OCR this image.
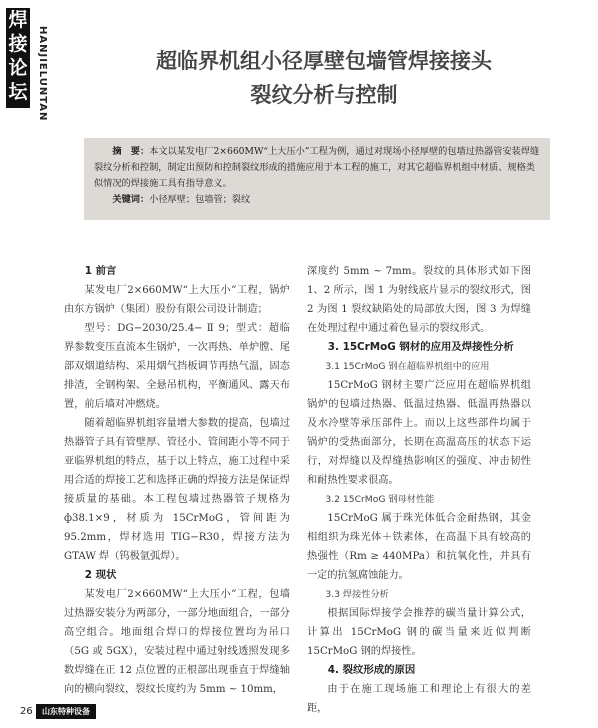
焊
接
论
坛 HANJIELUNTAN	超临界机组小径厚壁包墙管焊接接头
裂纹分析与控制
摘　要：本文以某发电厂2×660MW“上大压小”工程为例，通过对现场小径厚壁的包墙过热器管安装焊缝裂纹分析和控制，制定出预防和控制裂纹形成的措施应用于本工程的施工，对其它超临界机组中材质、规格类似情况的焊接施工具有指导意义。
关键词：小径厚壁；包墙管；裂纹
1 前言

某发电厂2×660MW“上大压小”工程，锅炉由东方锅炉（集团）股份有限公司设计制造；

型号：DG−2030/25.4− Ⅱ 9；型式：超临界参数变压直流本生锅炉，一次再热、单炉膛、尾部双烟道结构、采用烟气挡板调节再热气温，固态排渣，全钢构架、全悬吊机构，平衡通风、露天布置，前后墙对冲燃烧。

随着超临界机组容量增大参数的提高，包墙过热器管子具有管壁厚、管径小、管间距小等不同于亚临界机组的特点，基于以上特点，施工过程中采用合适的焊接工艺和选择正确的焊接方法是保证焊接质量的基础。本工程包墙过热器管子规格为 ф38.1×9，材质为 15CrMoG，管间距为 95.2mm，焊材选用 TIG−R30，焊接方法为 GTAW 焊（钨极氩弧焊）。

2 现状

某发电厂2×660MW“上大压小”工程，包墙过热器安装分为两部分，一部分地面组合，一部分高空组合。地面组合焊口的焊接位置均为吊口（5G 或 5GX），安装过程中通过射线透照发现多数焊缝在正 12 点位置的正根部出现垂直于焊缝轴向的横向裂纹，裂纹长度约为 5mm ~ 10mm，

深度约 5mm ~ 7mm。裂纹的具体形式如下图 1、2 所示，图 1 为射线底片显示的裂纹形式，图 2 为图 1 裂纹缺陷处的局部放大图，图 3 为焊缝在处理过程中通过着色显示的裂纹形式。

3. 15CrMoG 钢材的应用及焊接性分析
3.1 15CrMoG 钢在超临界机组中的应用

15CrMoG 钢材主要广泛应用在超临界机组锅炉的包墙过热器、低温过热器、低温再热器以及水冷壁等承压部件上。而以上这些部件均属于锅炉的受热面部分，长期在高温高压的状态下运行，对焊缝以及焊缝热影响区的强度、冲击韧性和耐热性要求很高。

3.2 15CrMoG 钢母材性能

15CrMoG 属于珠光体低合金耐热钢，其金相组织为珠光体＋铁素体，在高温下具有较高的热强性（Rm ≥ 440MPa）和抗氧化性，并具有一定的抗氢腐蚀能力。

3.3 焊接性分析

根据国际焊接学会推荐的碳当量计算公式，计算出 15CrMoG 钢的碳当量来近似判断 15CrMoG 钢的焊接性。

4. 裂纹形成的原因

由于在施工现场施工和理论上有很大的差距，

26	山东特种设备
